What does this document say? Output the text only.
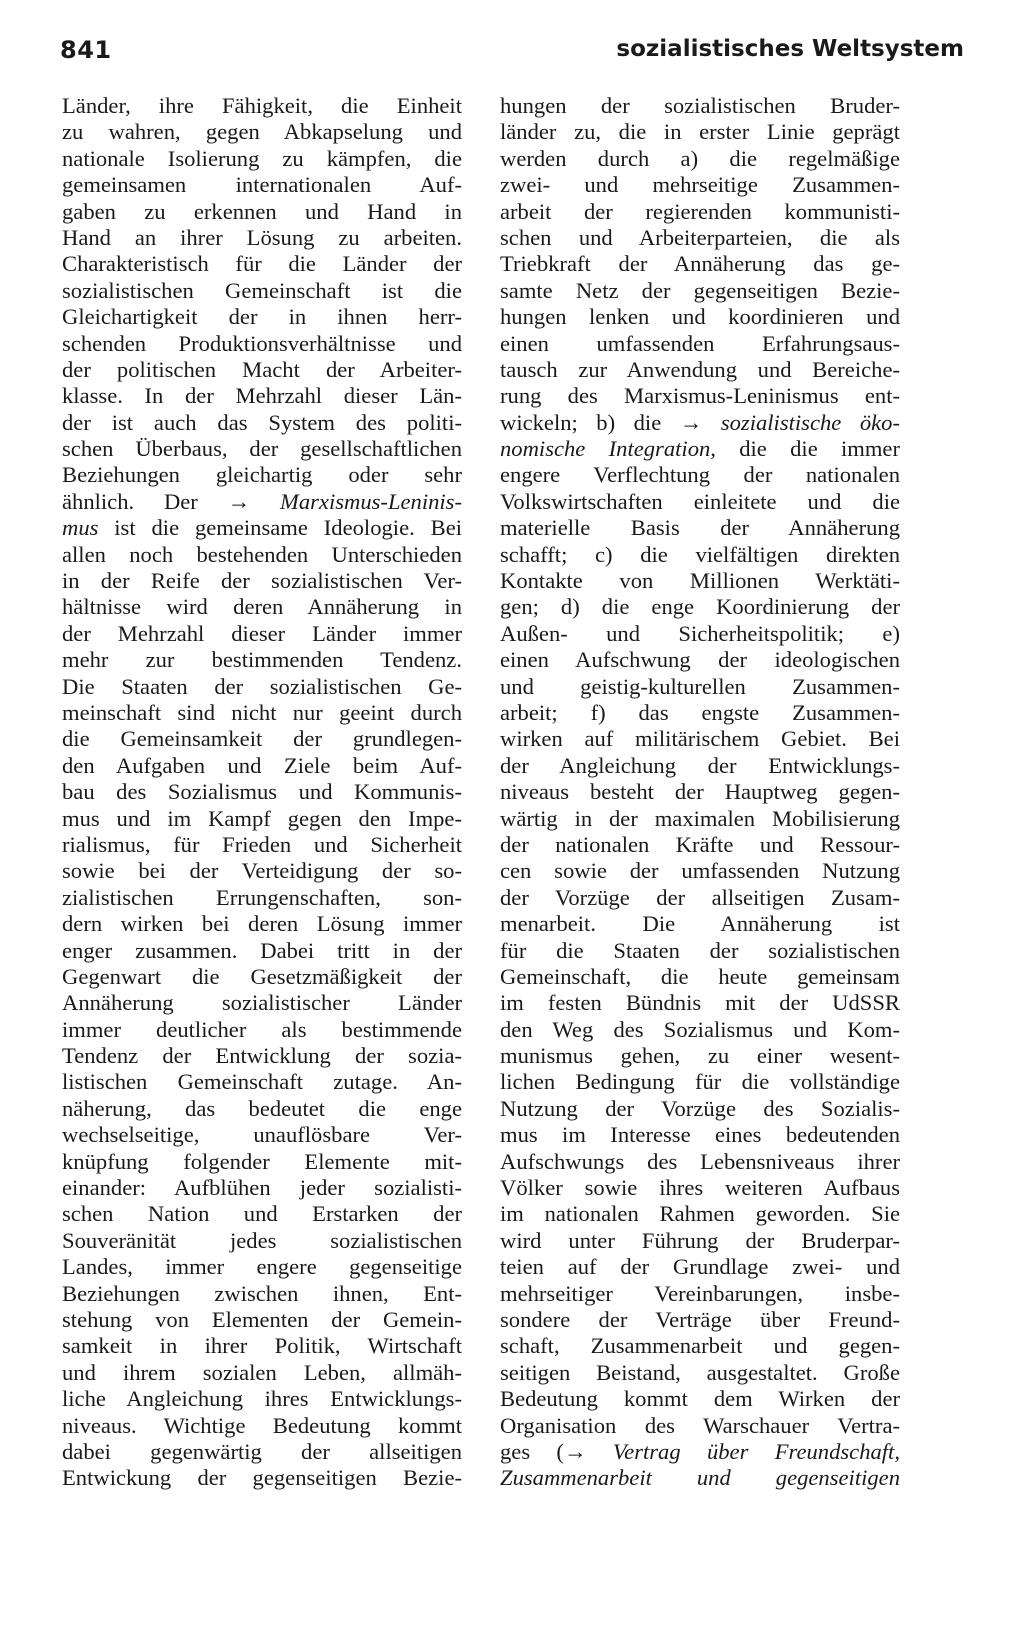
841	sozialistisches Weltsystem
Länder, ihre Fähigkeit, die Einheit
zu wahren, gegen Abkapselung und
nationale Isolierung zu kämpfen, die
gemeinsamen internationalen Auf-
gaben zu erkennen und Hand in
Hand an ihrer Lösung zu arbeiten.
Charakteristisch für die Länder der
sozialistischen Gemeinschaft ist die
Gleichartigkeit der in ihnen herr-
schenden Produktionsverhältnisse und
der politischen Macht der Arbeiter-
klasse. In der Mehrzahl dieser Län-
der ist auch das System des politi-
schen Überbaus, der gesellschaftlichen
Beziehungen gleichartig oder sehr
ähnlich. Der → Marxismus-Leninis-
mus ist die gemeinsame Ideologie. Bei
allen noch bestehenden Unterschieden
in der Reife der sozialistischen Ver-
hältnisse wird deren Annäherung in
der Mehrzahl dieser Länder immer
mehr zur bestimmenden Tendenz.
Die Staaten der sozialistischen Ge-
meinschaft sind nicht nur geeint durch
die Gemeinsamkeit der grundlegen-
den Aufgaben und Ziele beim Auf-
bau des Sozialismus und Kommunis-
mus und im Kampf gegen den Impe-
rialismus, für Frieden und Sicherheit
sowie bei der Verteidigung der so-
zialistischen Errungenschaften, son-
dern wirken bei deren Lösung immer
enger zusammen. Dabei tritt in der
Gegenwart die Gesetzmäßigkeit der
Annäherung sozialistischer Länder
immer deutlicher als bestimmende
Tendenz der Entwicklung der sozia-
listischen Gemeinschaft zutage. An-
näherung, das bedeutet die enge
wechselseitige, unauflösbare Ver-
knüpfung folgender Elemente mit-
einander: Aufblühen jeder sozialisti-
schen Nation und Erstarken der
Souveränität jedes sozialistischen
Landes, immer engere gegenseitige
Beziehungen zwischen ihnen, Ent-
stehung von Elementen der Gemein-
samkeit in ihrer Politik, Wirtschaft
und ihrem sozialen Leben, allmäh-
liche Angleichung ihres Entwicklungs-
niveaus. Wichtige Bedeutung kommt
dabei gegenwärtig der allseitigen
Entwickung der gegenseitigen Bezie-
hungen der sozialistischen Bruder-
länder zu, die in erster Linie geprägt
werden durch a) die regelmäßige
zwei- und mehrseitige Zusammen-
arbeit der regierenden kommunisti-
schen und Arbeiterparteien, die als
Triebkraft der Annäherung das ge-
samte Netz der gegenseitigen Bezie-
hungen lenken und koordinieren und
einen umfassenden Erfahrungsaus-
tausch zur Anwendung und Bereiche-
rung des Marxismus-Leninismus ent-
wickeln; b) die → sozialistische öko-
nomische Integration, die die immer
engere Verflechtung der nationalen
Volkswirtschaften einleitete und die
materielle Basis der Annäherung
schafft; c) die vielfältigen direkten
Kontakte von Millionen Werktäti-
gen; d) die enge Koordinierung der
Außen- und Sicherheitspolitik; e)
einen Aufschwung der ideologischen
und geistig-kulturellen Zusammen-
arbeit; f) das engste Zusammen-
wirken auf militärischem Gebiet. Bei
der Angleichung der Entwicklungs-
niveaus besteht der Hauptweg gegen-
wärtig in der maximalen Mobilisierung
der nationalen Kräfte und Ressour-
cen sowie der umfassenden Nutzung
der Vorzüge der allseitigen Zusam-
menarbeit. Die Annäherung ist
für die Staaten der sozialistischen
Gemeinschaft, die heute gemeinsam
im festen Bündnis mit der UdSSR
den Weg des Sozialismus und Kom-
munismus gehen, zu einer wesent-
lichen Bedingung für die vollständige
Nutzung der Vorzüge des Sozialis-
mus im Interesse eines bedeutenden
Aufschwungs des Lebensniveaus ihrer
Völker sowie ihres weiteren Aufbaus
im nationalen Rahmen geworden. Sie
wird unter Führung der Bruderpar-
teien auf der Grundlage zwei- und
mehrseitiger Vereinbarungen, insbe-
sondere der Verträge über Freund-
schaft, Zusammenarbeit und gegen-
seitigen Beistand, ausgestaltet. Große
Bedeutung kommt dem Wirken der
Organisation des Warschauer Vertra-
ges (→ Vertrag über Freundschaft,
Zusammenarbeit und gegenseitigen
